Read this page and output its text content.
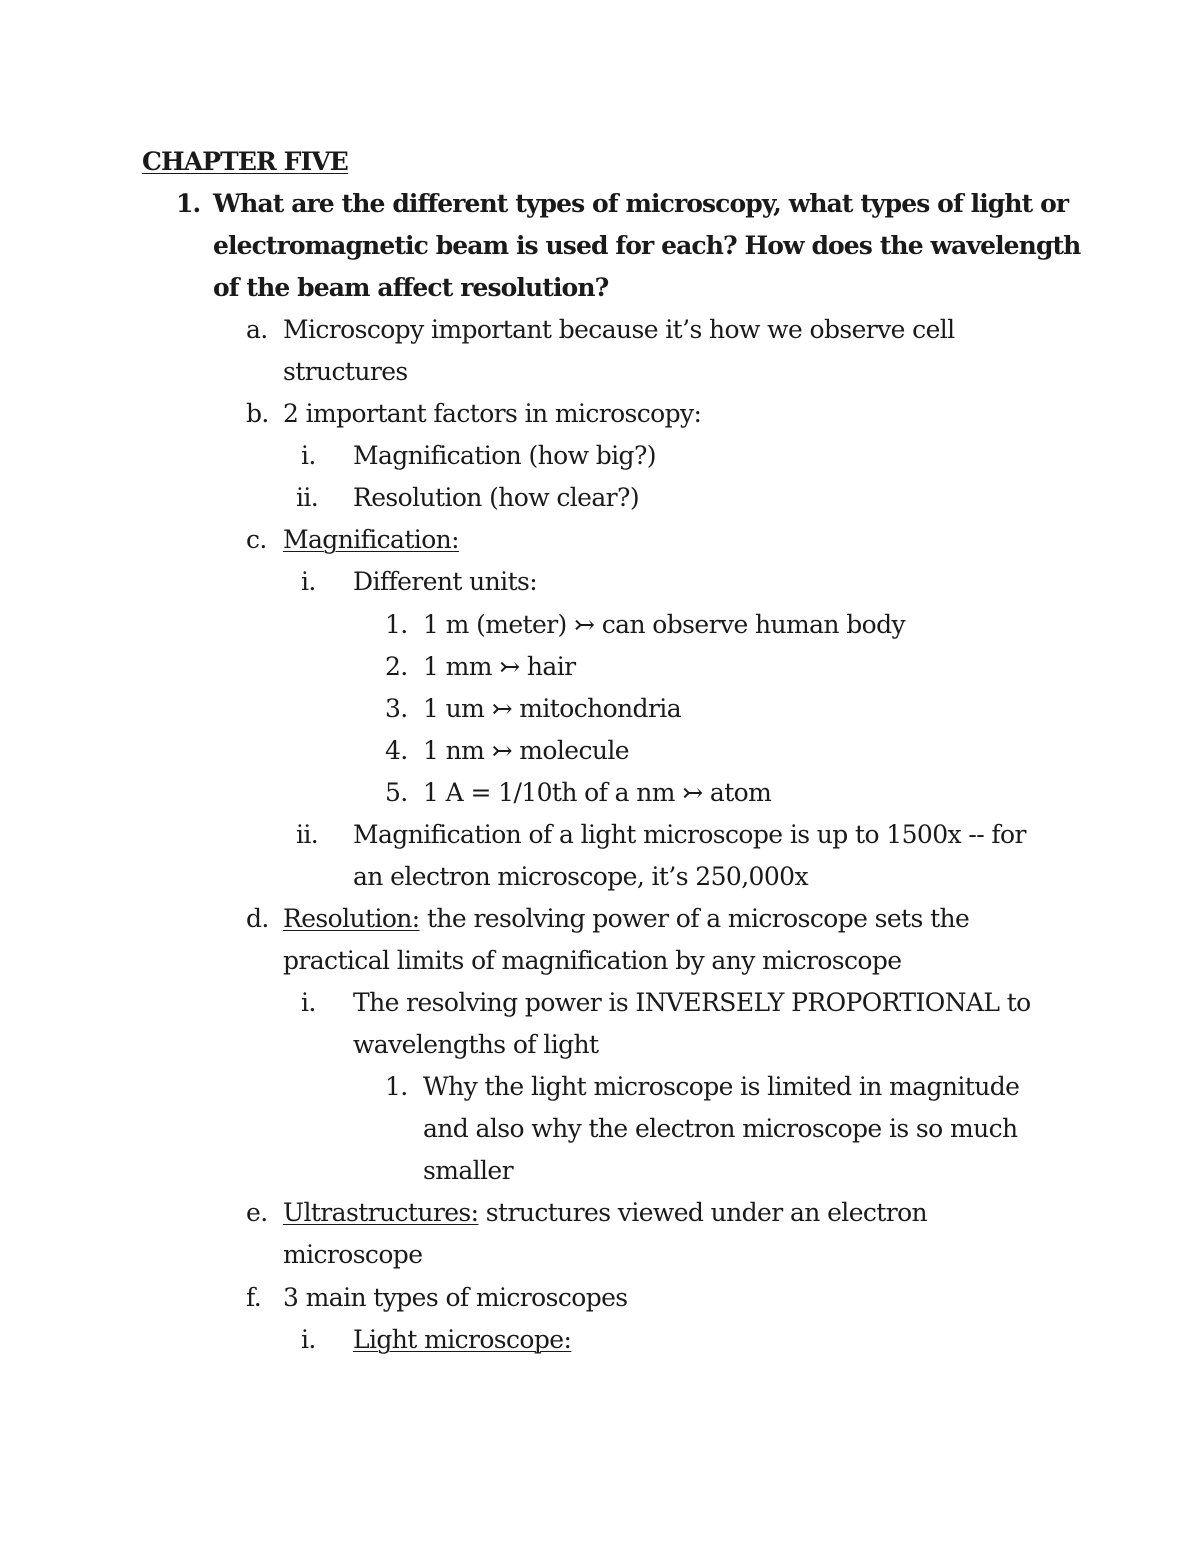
CHAPTER FIVE
1. What are the different types of microscopy, what types of light or
electromagnetic beam is used for each? How does the wavelength
of the beam affect resolution?
a. Microscopy important because it’s how we observe cell
structures
b. 2 important factors in microscopy:
i. Magnification (how big?)
ii. Resolution (how clear?)
c. Magnification:
i. Different units:
1. 1 m (meter) ↣ can observe human body
2. 1 mm ↣ hair
3. 1 um ↣ mitochondria
4. 1 nm ↣ molecule
5. 1 A = 1/10th of a nm ↣ atom
ii. Magnification of a light microscope is up to 1500x -- for
an electron microscope, it’s 250,000x
d. Resolution: the resolving power of a microscope sets the
practical limits of magnification by any microscope
i. The resolving power is INVERSELY PROPORTIONAL to
wavelengths of light
1. Why the light microscope is limited in magnitude
and also why the electron microscope is so much
smaller
e. Ultrastructures: structures viewed under an electron
microscope
f. 3 main types of microscopes
i. Light microscope:
